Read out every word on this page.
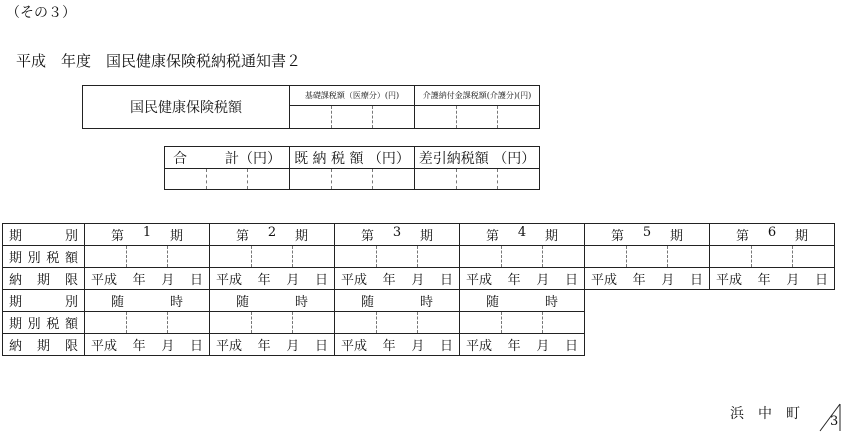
（その３）
平成　年度　国民健康保険税納税通知書２
国民健康保険税額	基礎課税額（医療分）(円)	介護納付金課税額(介護分)(円)

合 計（円）	既 納 税 額 （円）	差引納税額 （円）

期 別	第 1 期	第 2 期	第 3 期	第 4 期	第 5 期	第 6 期

期 別 税 額						

納 期 限	平成 年 月 日	平成 年 月 日	平成 年 月 日	平成 年 月 日	平成 年 月 日	平成 年 月 日

期 別	随 時	随 時	随 時	随 時		

期 別 税 額						

納 期 限	平成 年 月 日	平成 年 月 日	平成 年 月 日	平成 年 月 日		
浜　中　町 3
